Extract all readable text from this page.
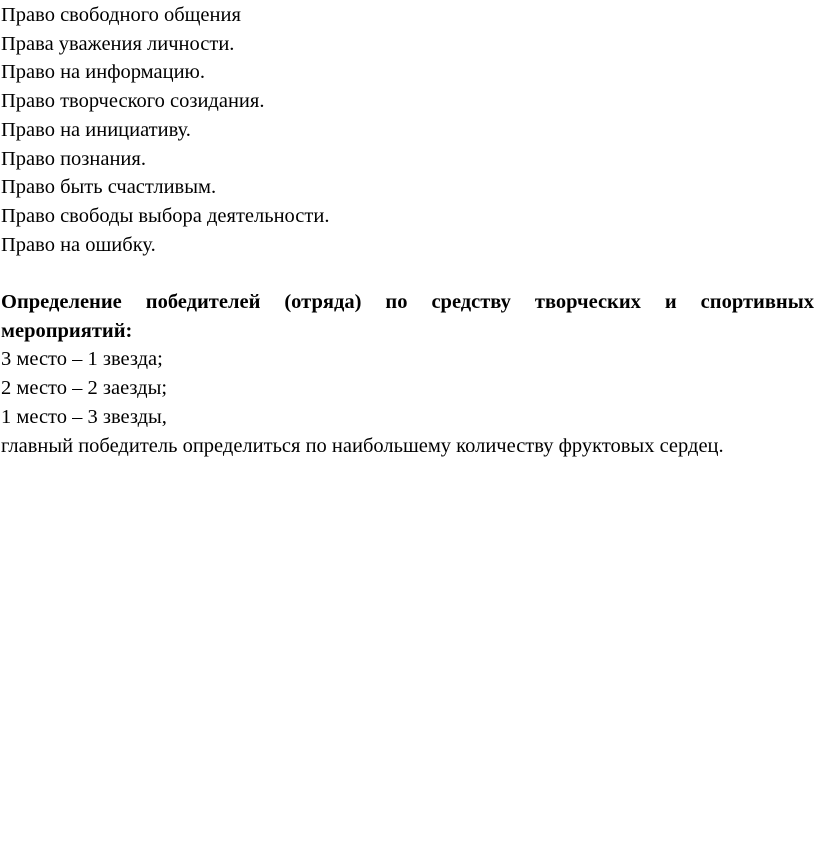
Право свободного общения
Права уважения личности.
Право на информацию.
Право творческого созидания.
Право на инициативу.
Право познания.
Право быть счастливым.
Право свободы выбора деятельности.
Право на ошибку.
Определение победителей (отряда) по средству творческих и спортивных мероприятий:
3 место – 1 звезда;
2 место – 2 заезды;
1 место – 3 звезды,
главный победитель определиться по наибольшему количеству фруктовых сердец.
